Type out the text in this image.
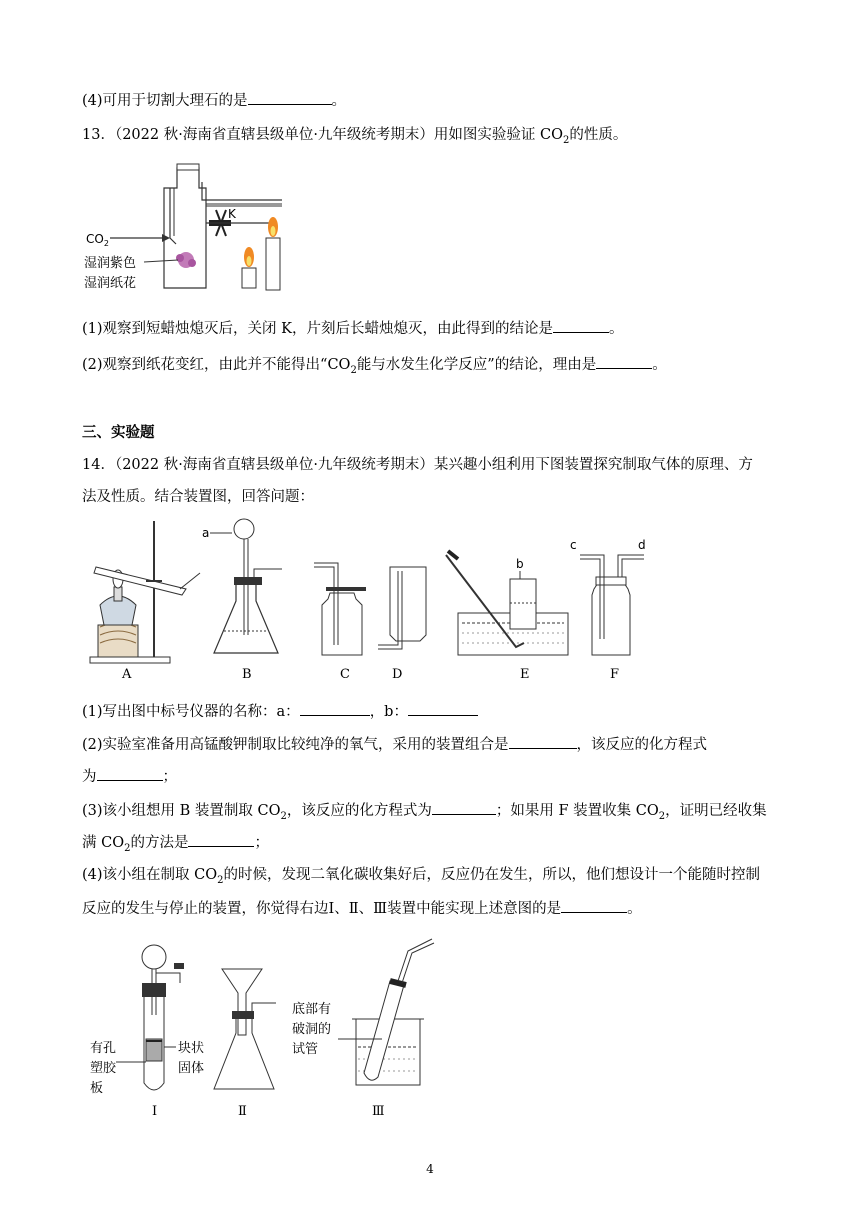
(4)可用于切割大理石的是	。
13．（2022 秋·海南省直辖县级单位·九年级统考期末）用如图实验验证 $CO_2$的性质。
K
$CO_2$
湿润紫色
湿润纸花
(1)观察到短蜡烛熄灭后，关闭 K，片刻后长蜡烛熄灭，由此得到的结论是	。
(2)观察到纸花变红，由此并不能得出“$CO_2$能与水发生化学反应”的结论，理由是	。
三、实验题
14．（2022 秋·海南省直辖县级单位·九年级统考期末）某兴趣小组利用下图装置探究制取气体的原理、方
法及性质。结合装置图，回答问题：
A
a
B	C	D
b
E
c	d
F
(1)写出图中标号仪器的名称：a：	，b：
(2)实验室准备用高锰酸钾制取比较纯净的氧气，采用的装置组合是	，该反应的化方程式
为	；
(3)该小组想用 B 装置制取 $CO_2$，该反应的化方程式为	；如果用 F 装置收集 $CO_2$，证明已经收集
满 $CO_2$的方法是	；
(4)该小组在制取 $CO_2$的时候，发现二氧化碳收集好后，反应仍在发生，所以，他们想设计一个能随时控制
反应的发生与停止的装置，你觉得右边Ⅰ、Ⅱ、Ⅲ装置中能实现上述意图的是	。
有孔
塑胶
板
块状
固体
Ⅰ	Ⅱ
底部有
破洞的
试管
Ⅲ
4
